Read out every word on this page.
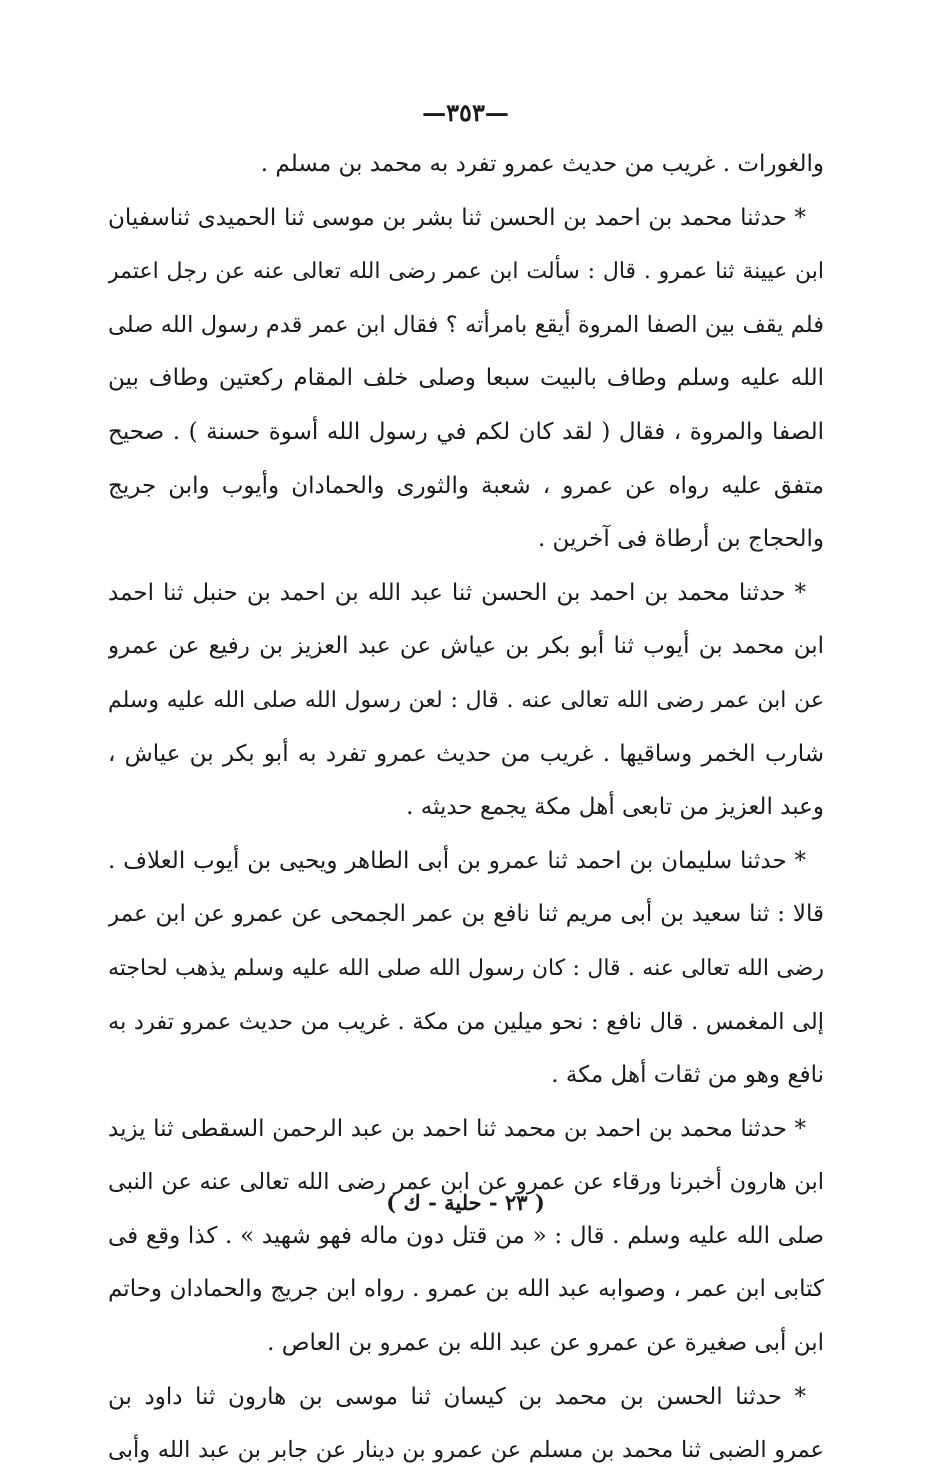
—٣٥٣—
والغورات . غريب من حديث عمرو تفرد به محمد بن مسلم .
* حدثنا محمد بن احمد بن الحسن ثنا بشر بن موسى ثنا الحميدى ثناسفيان
ابن عيينة ثنا عمرو . قال : سألت ابن عمر رضى الله تعالى عنه عن رجل اعتمر
فلم يقف بين الصفا المروة أيقع بامرأته ؟ فقال ابن عمر قدم رسول الله صلى
الله عليه وسلم وطاف بالبيت سبعا وصلى خلف المقام ركعتين وطاف بين
الصفا والمروة ، فقال ( لقد كان لكم في رسول الله أسوة حسنة ) . صحيح
متفق عليه رواه عن عمرو ، شعبة والثورى والحمادان وأيوب وابن جريج
والحجاج بن أرطاة فى آخرين .
* حدثنا محمد بن احمد بن الحسن ثنا عبد الله بن احمد بن حنبل ثنا احمد
ابن محمد بن أيوب ثنا أبو بكر بن عياش عن عبد العزيز بن رفيع عن عمرو
عن ابن عمر رضى الله تعالى عنه . قال : لعن رسول الله صلى الله عليه وسلم
شارب الخمر وساقيها . غريب من حديث عمرو تفرد به أبو بكر بن عياش ،
وعبد العزيز من تابعى أهل مكة يجمع حديثه .
* حدثنا سليمان بن احمد ثنا عمرو بن أبى الطاهر ويحيى بن أيوب العلاف .
قالا : ثنا سعيد بن أبى مريم ثنا نافع بن عمر الجمحى عن عمرو عن ابن عمر
رضى الله تعالى عنه . قال : كان رسول الله صلى الله عليه وسلم يذهب لحاجته
إلى المغمس . قال نافع : نحو ميلين من مكة . غريب من حديث عمرو تفرد به
نافع وهو من ثقات أهل مكة .
* حدثنا محمد بن احمد بن محمد ثنا احمد بن عبد الرحمن السقطى ثنا يزيد
ابن هارون أخبرنا ورقاء عن عمرو عن ابن عمر رضى الله تعالى عنه عن النبى
صلى الله عليه وسلم . قال : « من قتل دون ماله فهو شهيد » . كذا وقع فى
كتابى ابن عمر ، وصوابه عبد الله بن عمرو . رواه ابن جريج والحمادان وحاتم
ابن أبى صغيرة عن عمرو عن عبد الله بن عمرو بن العاص .
* حدثنا الحسن بن محمد بن كيسان ثنا موسى بن هارون ثنا داود بن
عمرو الضبى ثنا محمد بن مسلم عن عمرو بن دينار عن جابر بن عبد الله وأبى
( ٢٣ - حلية - ك )
